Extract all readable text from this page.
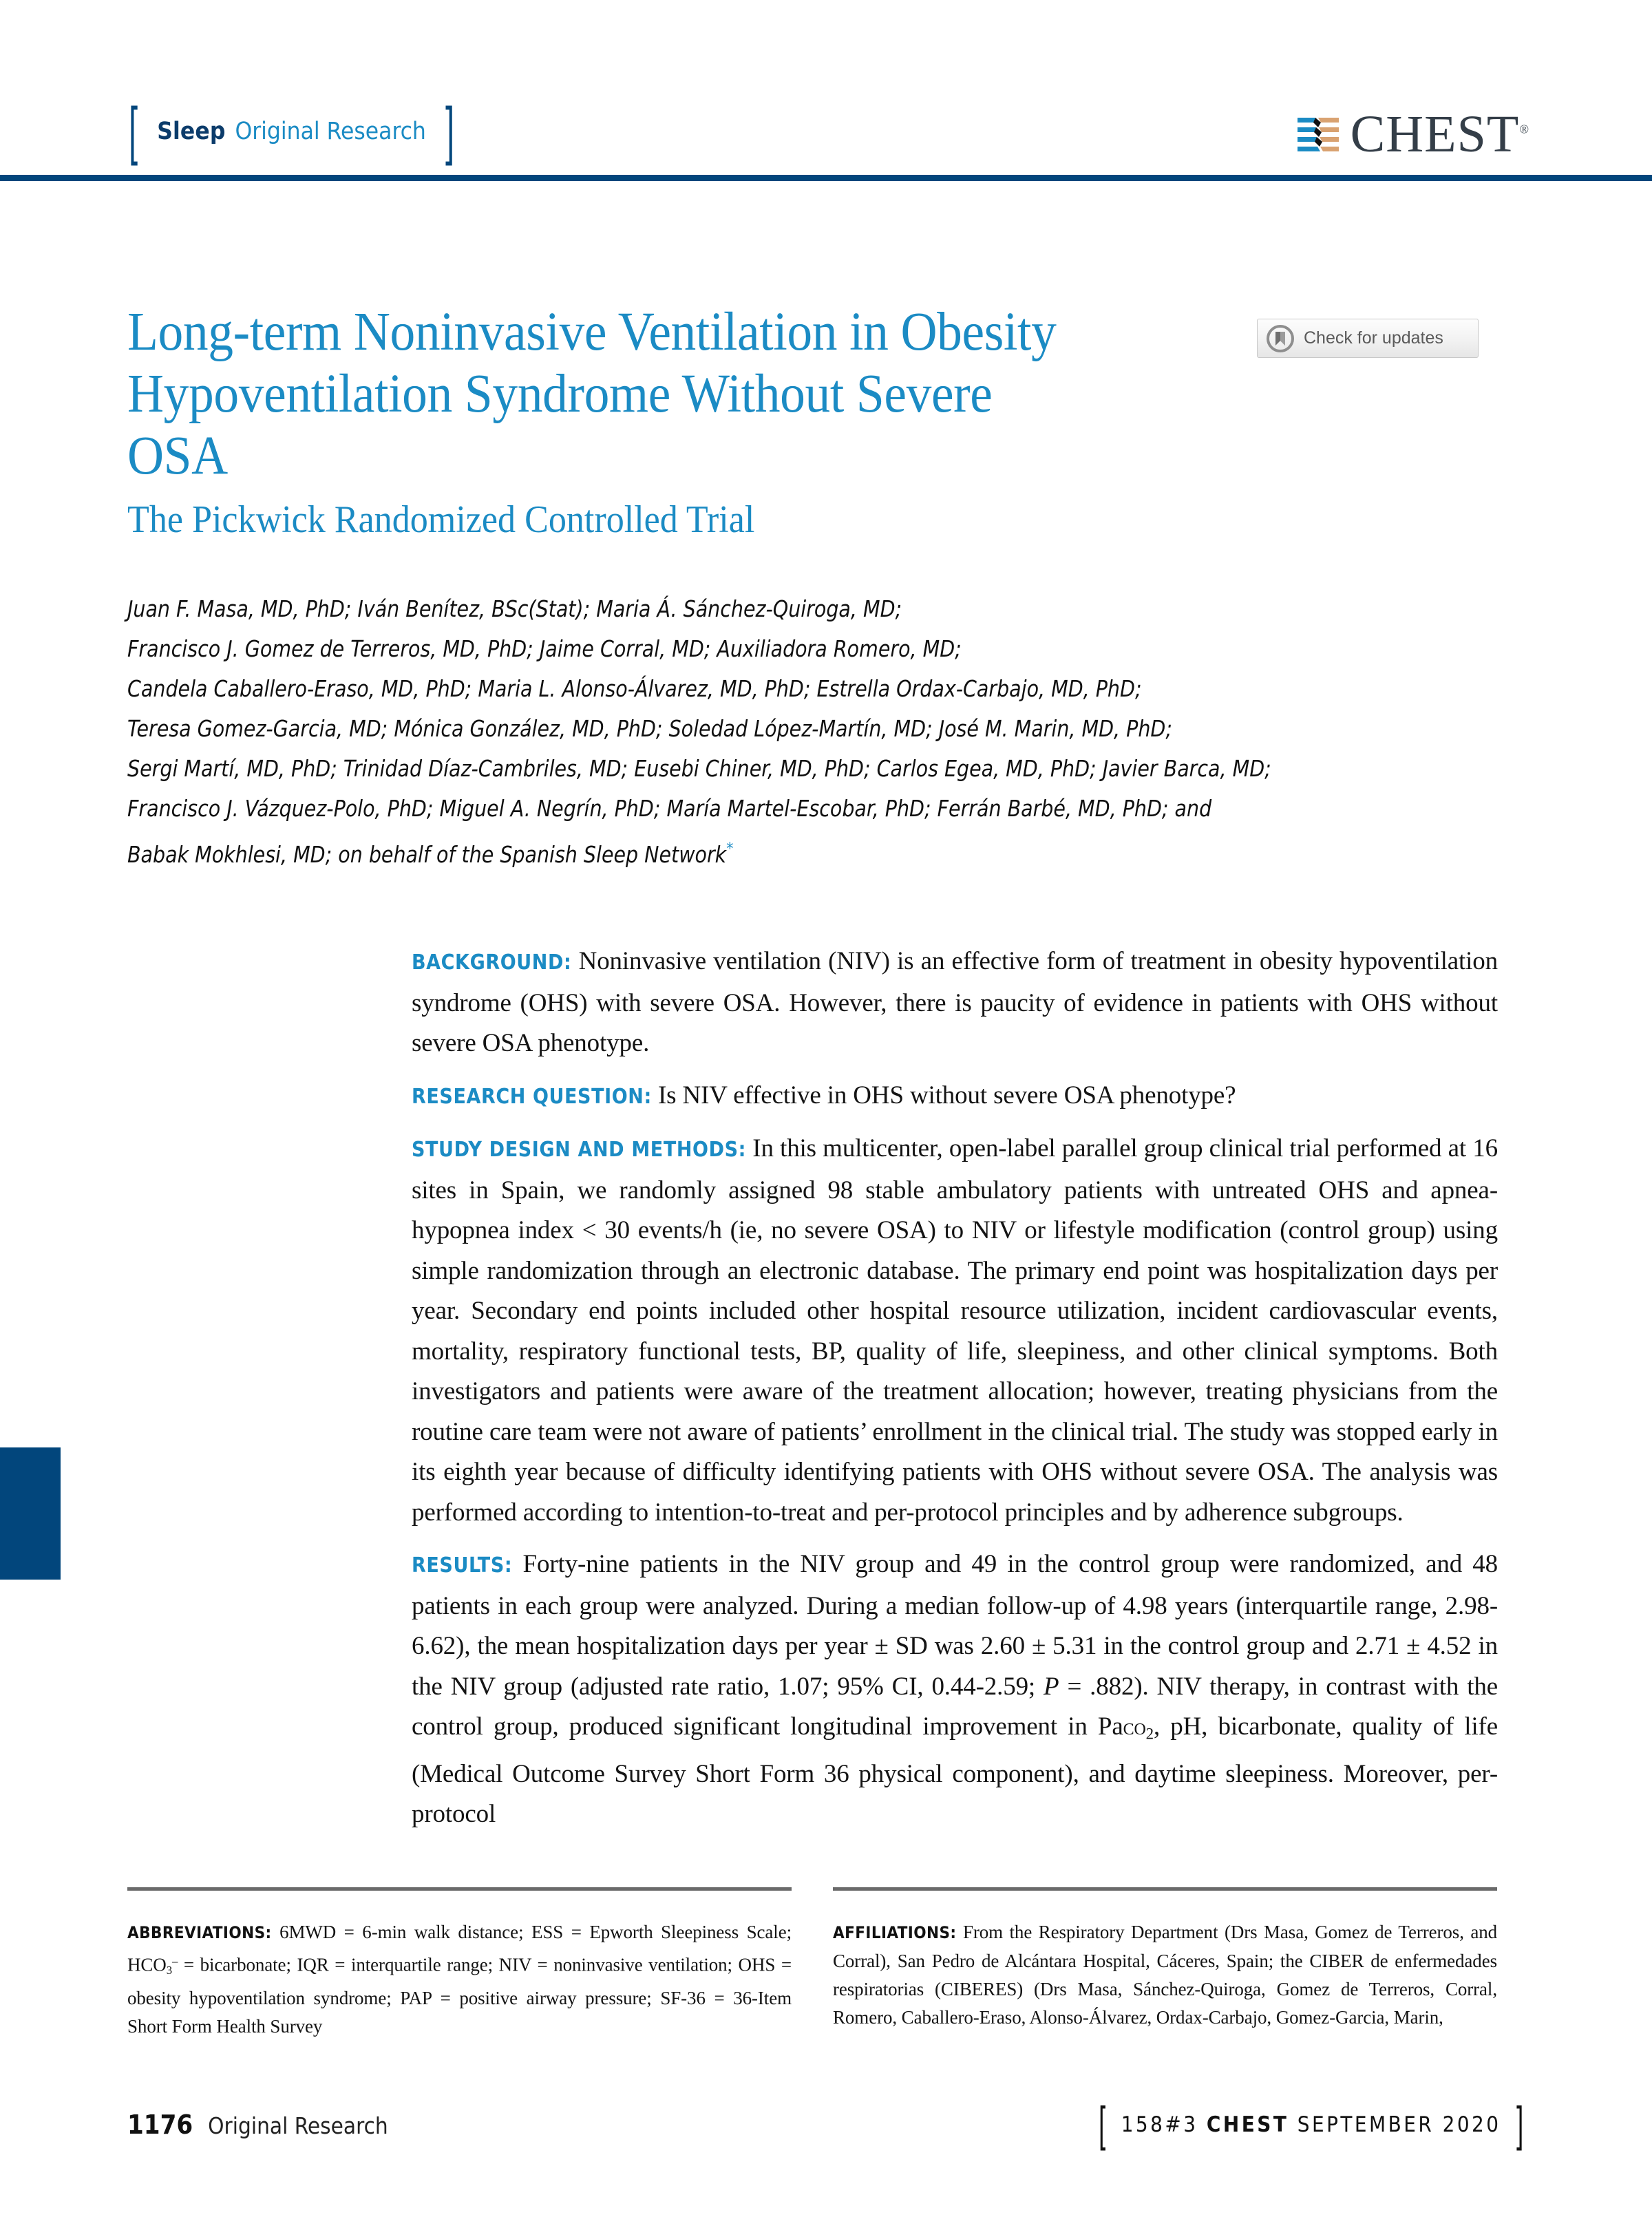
[ Sleep Original Research ]	CHEST®
Long-term Noninvasive Ventilation in Obesity Hypoventilation Syndrome Without Severe OSA
The Pickwick Randomized Controlled Trial
Check for updates
Juan F. Masa, MD, PhD; Iván Benítez, BSc(Stat); Maria Á. Sánchez-Quiroga, MD;
Francisco J. Gomez de Terreros, MD, PhD; Jaime Corral, MD; Auxiliadora Romero, MD;
Candela Caballero-Eraso, MD, PhD; Maria L. Alonso-Álvarez, MD, PhD; Estrella Ordax-Carbajo, MD, PhD;
Teresa Gomez-Garcia, MD; Mónica González, MD, PhD; Soledad López-Martín, MD; José M. Marin, MD, PhD;
Sergi Martí, MD, PhD; Trinidad Díaz-Cambriles, MD; Eusebi Chiner, MD, PhD; Carlos Egea, MD, PhD; Javier Barca, MD;
Francisco J. Vázquez-Polo, PhD; Miguel A. Negrín, PhD; María Martel-Escobar, PhD; Ferrán Barbé, MD, PhD; and
Babak Mokhlesi, MD; on behalf of the Spanish Sleep Network*

BACKGROUND: Noninvasive ventilation (NIV) is an effective form of treatment in obesity hypoventilation syndrome (OHS) with severe OSA. However, there is paucity of evidence in patients with OHS without severe OSA phenotype.

RESEARCH QUESTION: Is NIV effective in OHS without severe OSA phenotype?

STUDY DESIGN AND METHODS: In this multicenter, open-label parallel group clinical trial performed at 16 sites in Spain, we randomly assigned 98 stable ambulatory patients with untreated OHS and apnea-hypopnea index < 30 events/h (ie, no severe OSA) to NIV or lifestyle modification (control group) using simple randomization through an electronic database. The primary end point was hospitalization days per year. Secondary end points included other hospital resource utilization, incident cardiovascular events, mortality, respiratory functional tests, BP, quality of life, sleepiness, and other clinical symptoms. Both investigators and patients were aware of the treatment allocation; however, treating physicians from the routine care team were not aware of patients’ enrollment in the clinical trial. The study was stopped early in its eighth year because of difficulty identifying patients with OHS without severe OSA. The analysis was performed according to intention-to-treat and per-protocol principles and by adherence subgroups.

RESULTS: Forty-nine patients in the NIV group and 49 in the control group were randomized, and 48 patients in each group were analyzed. During a median follow-up of 4.98 years (interquartile range, 2.98-6.62), the mean hospitalization days per year ± SD was 2.60 ± 5.31 in the control group and 2.71 ± 4.52 in the NIV group (adjusted rate ratio, 1.07; 95% CI, 0.44-2.59; P = .882). NIV therapy, in contrast with the control group, produced significant longitudinal improvement in Paco$_2$, pH, bicarbonate, quality of life (Medical Outcome Survey Short Form 36 physical component), and daytime sleepiness. Moreover, per-protocol

ABBREVIATIONS: 6MWD = 6-min walk distance; ESS = Epworth Sleepiness Scale; $HCO_3^-$ = bicarbonate; IQR = interquartile range; NIV = noninvasive ventilation; OHS = obesity hypoventilation syndrome; PAP = positive airway pressure; SF-36 = 36-Item Short Form Health Survey
AFFILIATIONS: From the Respiratory Department (Drs Masa, Gomez de Terreros, and Corral), San Pedro de Alcántara Hospital, Cáceres, Spain; the CIBER de enfermedades respiratorias (CIBERES) (Drs Masa, Sánchez-Quiroga, Gomez de Terreros, Corral, Romero, Caballero-Eraso, Alonso-Álvarez, Ordax-Carbajo, Gomez-Garcia, Marin,
1176 Original Research	[ 158#3 CHEST SEPTEMBER 2020 ]
